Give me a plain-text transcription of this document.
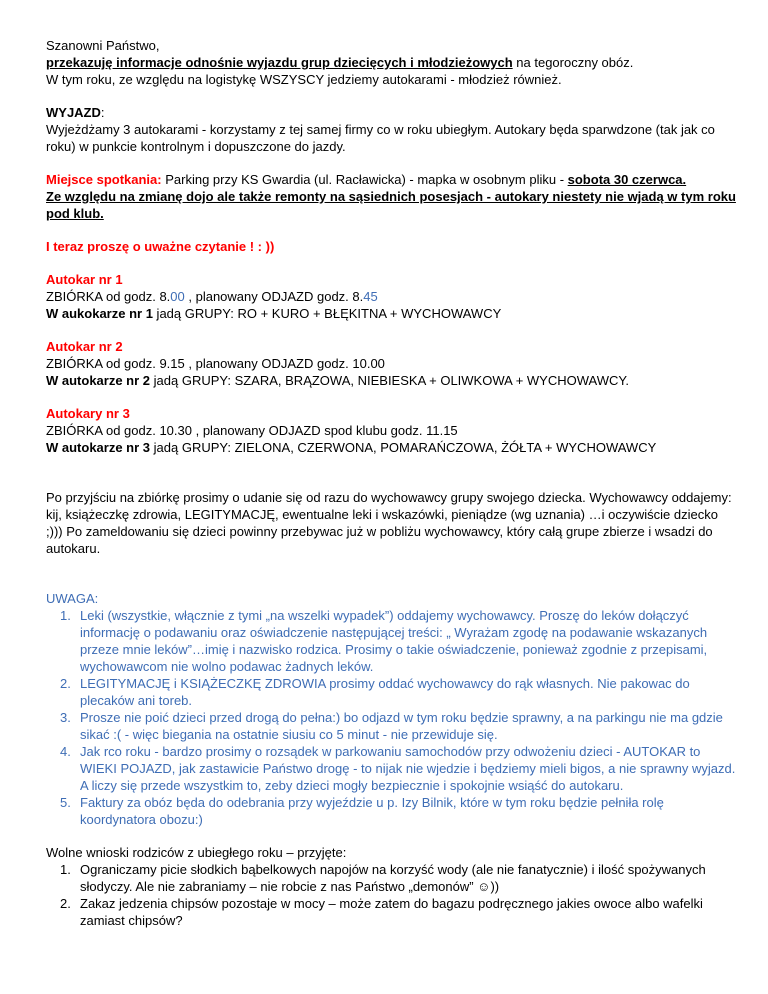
Szanowni Państwo,

przekazuję informacje odnośnie wyjazdu grup dziecięcych i młodzieżowych na tegoroczny obóz.

W tym roku, ze względu na logistykę WSZYSCY jedziemy autokarami - młodzież również.

WYJAZD:

Wyjeżdżamy 3 autokarami - korzystamy z tej samej firmy co w roku ubiegłym. Autokary będa sparwdzone (tak jak co roku) w punkcie kontrolnym i dopuszczone do jazdy.

Miejsce spotkania: Parking przy KS Gwardia (ul. Racławicka) - mapka w osobnym pliku - sobota 30 czerwca.

Ze względu na zmianę dojo ale także remonty na sąsiednich posesjach - autokary niestety nie wjadą w tym roku pod klub.

I teraz proszę o uważne czytanie ! : ))

Autokar nr 1

ZBIÓRKA od godz. 8.00 , planowany ODJAZD godz. 8.45

W aukokarze nr 1 jadą GRUPY: RO + KURO + BŁĘKITNA + WYCHOWAWCY

Autokar nr 2

ZBIÓRKA od godz. 9.15 , planowany ODJAZD godz. 10.00

W autokarze nr 2 jadą GRUPY: SZARA, BRĄZOWA, NIEBIESKA + OLIWKOWA + WYCHOWAWCY.

Autokary nr 3

ZBIÓRKA od godz. 10.30 , planowany ODJAZD spod klubu godz. 11.15

W autokarze nr 3 jadą GRUPY: ZIELONA, CZERWONA, POMARAŃCZOWA, ŻÓŁTA + WYCHOWAWCY

Po przyjściu na zbiórkę prosimy o udanie się od razu do wychowawcy grupy swojego dziecka. Wychowawcy oddajemy: kij, książeczkę zdrowia, LEGITYMACJĘ, ewentualne leki i wskazówki, pieniądze (wg uznania) …i oczywiście dziecko ;))) Po zameldowaniu się dzieci powinny przebywac już w pobliżu wychowawcy, który całą grupe zbierze i wsadzi do autokaru.

UWAGA:

1. Leki (wszystkie, włącznie z tymi „na wszelki wypadek”) oddajemy wychowawcy. Proszę do leków dołączyć informację o podawaniu oraz oświadczenie następującej treści: „ Wyrażam zgodę na podawanie wskazanych przeze mnie leków”…imię i nazwisko rodzica. Prosimy o takie oświadczenie, ponieważ zgodnie z przepisami, wychowawcom nie wolno podawac żadnych leków.
2. LEGITYMACJĘ i KSIĄŻECZKĘ ZDROWIA prosimy oddać wychowawcy do rąk własnych. Nie pakowac do plecaków ani toreb.
3. Prosze nie poić dzieci przed drogą do pełna:) bo odjazd w tym roku będzie sprawny, a na parkingu nie ma gdzie sikać :( - więc biegania na ostatnie siusiu co 5 minut - nie przewiduje się.
4. Jak rco roku - bardzo prosimy o rozsądek w parkowaniu samochodów przy odwożeniu dzieci - AUTOKAR to WIEKI POJAZD, jak zastawicie Państwo drogę - to nijak nie wjedzie i będziemy mieli bigos, a nie sprawny wyjazd. A liczy się przede wszystkim to, zeby dzieci mogły bezpiecznie i spokojnie wsiąść do autokaru.
5. Faktury za obóz będa do odebrania przy wyjeździe u p. Izy Bilnik, które w tym roku będzie pełniła rolę koordynatora obozu:)

Wolne wnioski rodziców z ubiegłego roku – przyjęte:

1. Ograniczamy picie słodkich bąbelkowych napojów na korzyść wody (ale nie fanatycznie) i ilość spożywanych słodyczy. Ale nie zabraniamy – nie robcie z nas Państwo „demonów” ☺))
2. Zakaz jedzenia chipsów pozostaje w mocy – może zatem do bagazu podręcznego jakies owoce albo wafelki zamiast chipsów?
